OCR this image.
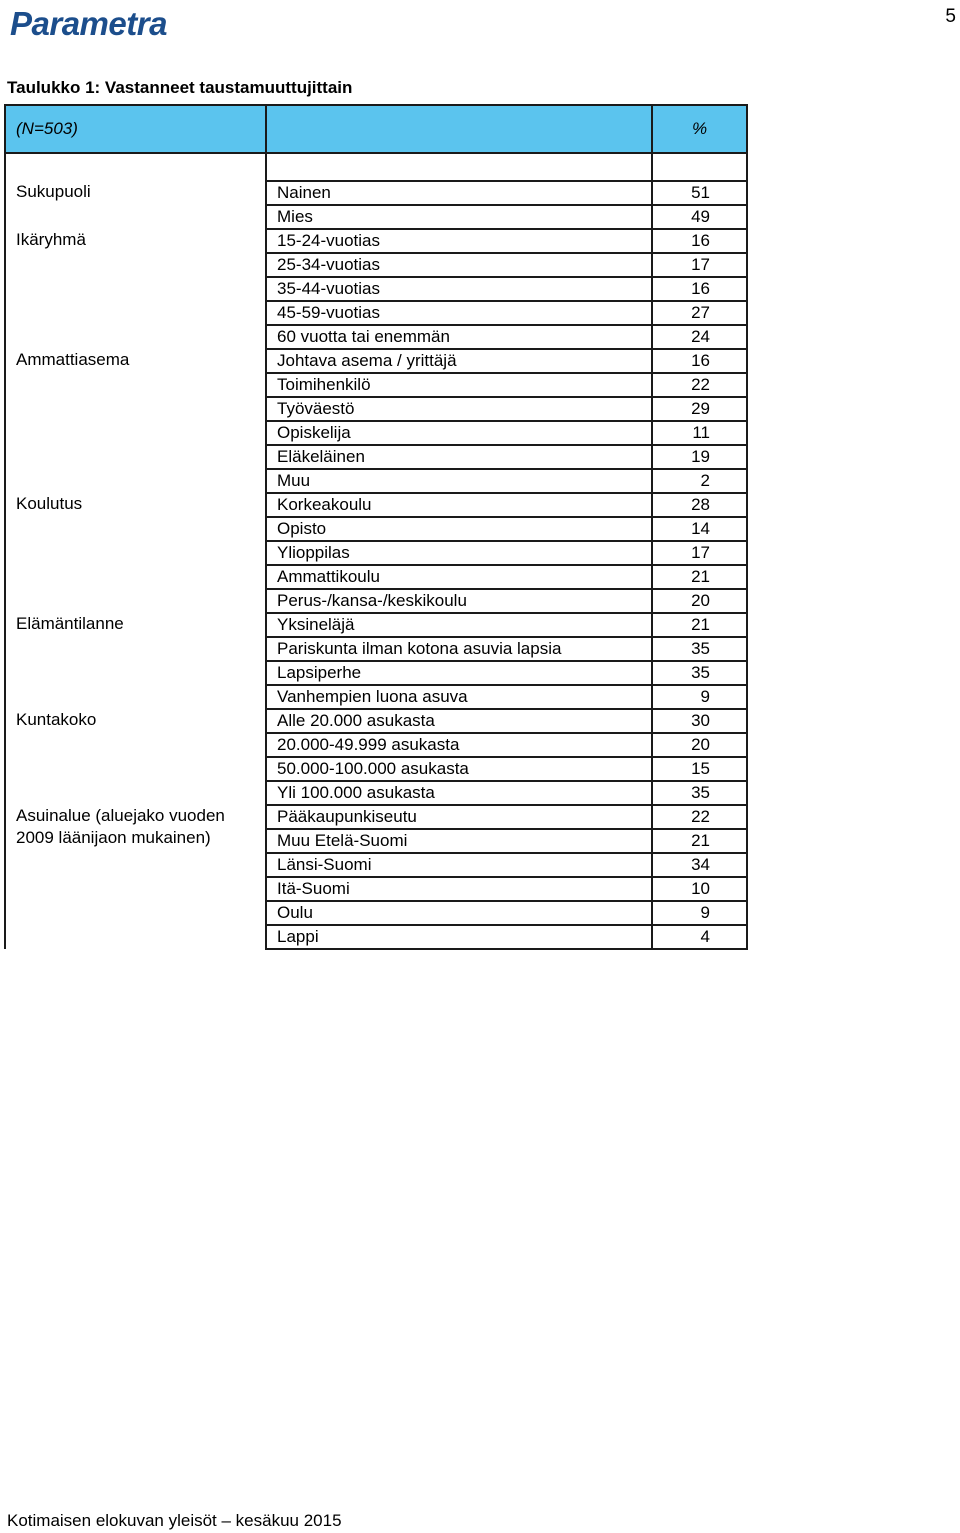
Parametra	5
Taulukko 1: Vastanneet taustamuuttujittain
(N=503)		%

Sukupuoli	Nainen	51
	Mies	49
Ikäryhmä	15-24-vuotias	16
	25-34-vuotias	17
	35-44-vuotias	16
	45-59-vuotias	27
	60 vuotta tai enemmän	24
Ammattiasema	Johtava asema / yrittäjä	16
	Toimihenkilö	22
	Työväestö	29
	Opiskelija	11
	Eläkeläinen	19
	Muu	2
Koulutus	Korkeakoulu	28
	Opisto	14
	Ylioppilas	17
	Ammattikoulu	21
	Perus-/kansa-/keskikoulu	20
Elämäntilanne	Yksineläjä	21
	Pariskunta ilman kotona asuvia lapsia	35
	Lapsiperhe	35
	Vanhempien luona asuva	9
Kuntakoko	Alle 20.000 asukasta	30
	20.000-49.999 asukasta	20
	50.000-100.000 asukasta	15
	Yli 100.000 asukasta	35
Asuinalue (aluejako vuoden 2009 läänijaon mukainen)	Pääkaupunkiseutu	22
	Muu Etelä-Suomi	21
	Länsi-Suomi	34
	Itä-Suomi	10
	Oulu	9
	Lappi	4
Kotimaisen elokuvan yleisöt – kesäkuu 2015
